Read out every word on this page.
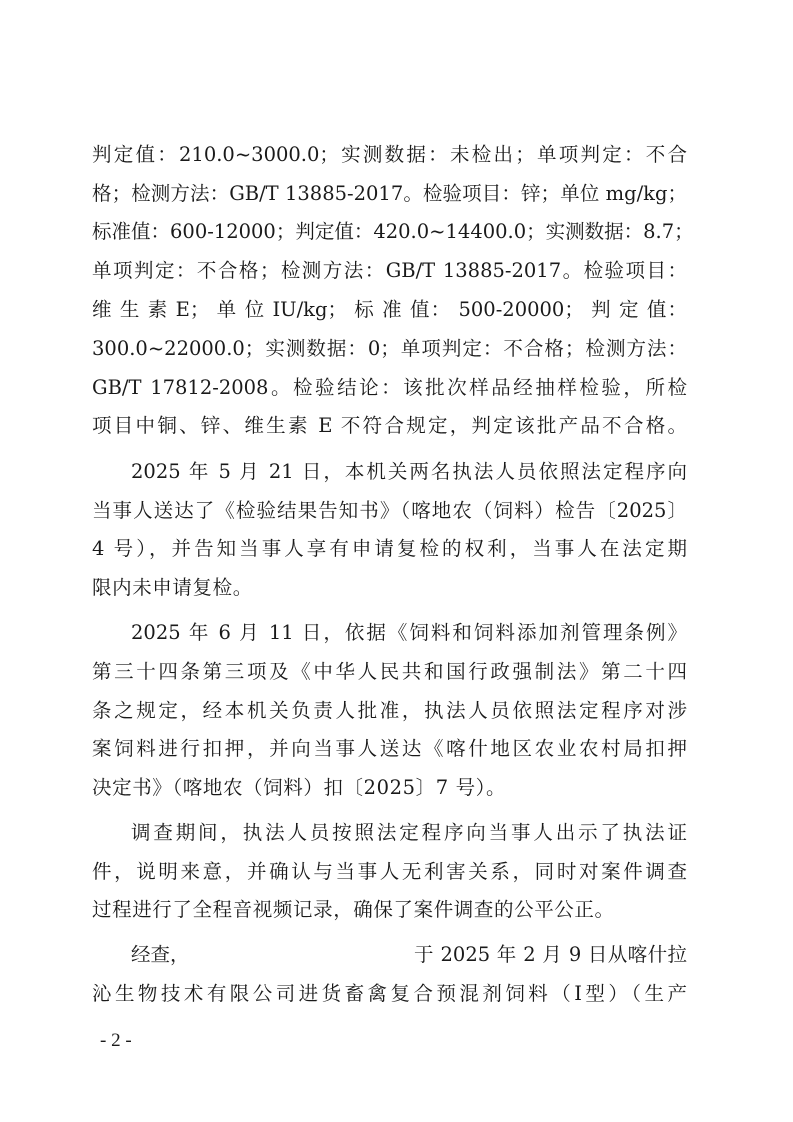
判定值：210.0~3000.0；实测数据：未检出；单项判定：不合
格；检测方法：GB/T 13885-2017。检验项目：锌；单位 mg/kg；
标准值：600-12000；判定值：420.0~14400.0；实测数据：8.7；
单项判定：不合格；检测方法：GB/T 13885-2017。检验项目：
维 生 素 E； 单 位 IU/kg； 标 准 值： 500-20000； 判 定 值：
300.0~22000.0；实测数据：0；单项判定：不合格；检测方法：
GB/T 17812-2008。检验结论：该批次样品经抽样检验，所检
项目中铜、锌、维生素 E 不符合规定，判定该批产品不合格。
2025 年 5 月 21 日，本机关两名执法人员依照法定程序向
当事人送达了《检验结果告知书》（喀地农（饲料）检告〔2025〕
4 号），并告知当事人享有申请复检的权利，当事人在法定期
限内未申请复检。
2025 年 6 月 11 日，依据《饲料和饲料添加剂管理条例》
第三十四条第三项及《中华人民共和国行政强制法》第二十四
条之规定，经本机关负责人批准，执法人员依照法定程序对涉
案饲料进行扣押，并向当事人送达《喀什地区农业农村局扣押
决定书》（喀地农（饲料）扣〔2025〕7 号）。
调查期间，执法人员按照法定程序向当事人出示了执法证
件，说明来意，并确认与当事人无利害关系，同时对案件调查
过程进行了全程音视频记录，确保了案件调查的公平公正。
经查，	于 2025 年 2 月 9 日从喀什拉
沁生物技术有限公司进货畜禽复合预混剂饲料（I型）（生产
- 2 -
